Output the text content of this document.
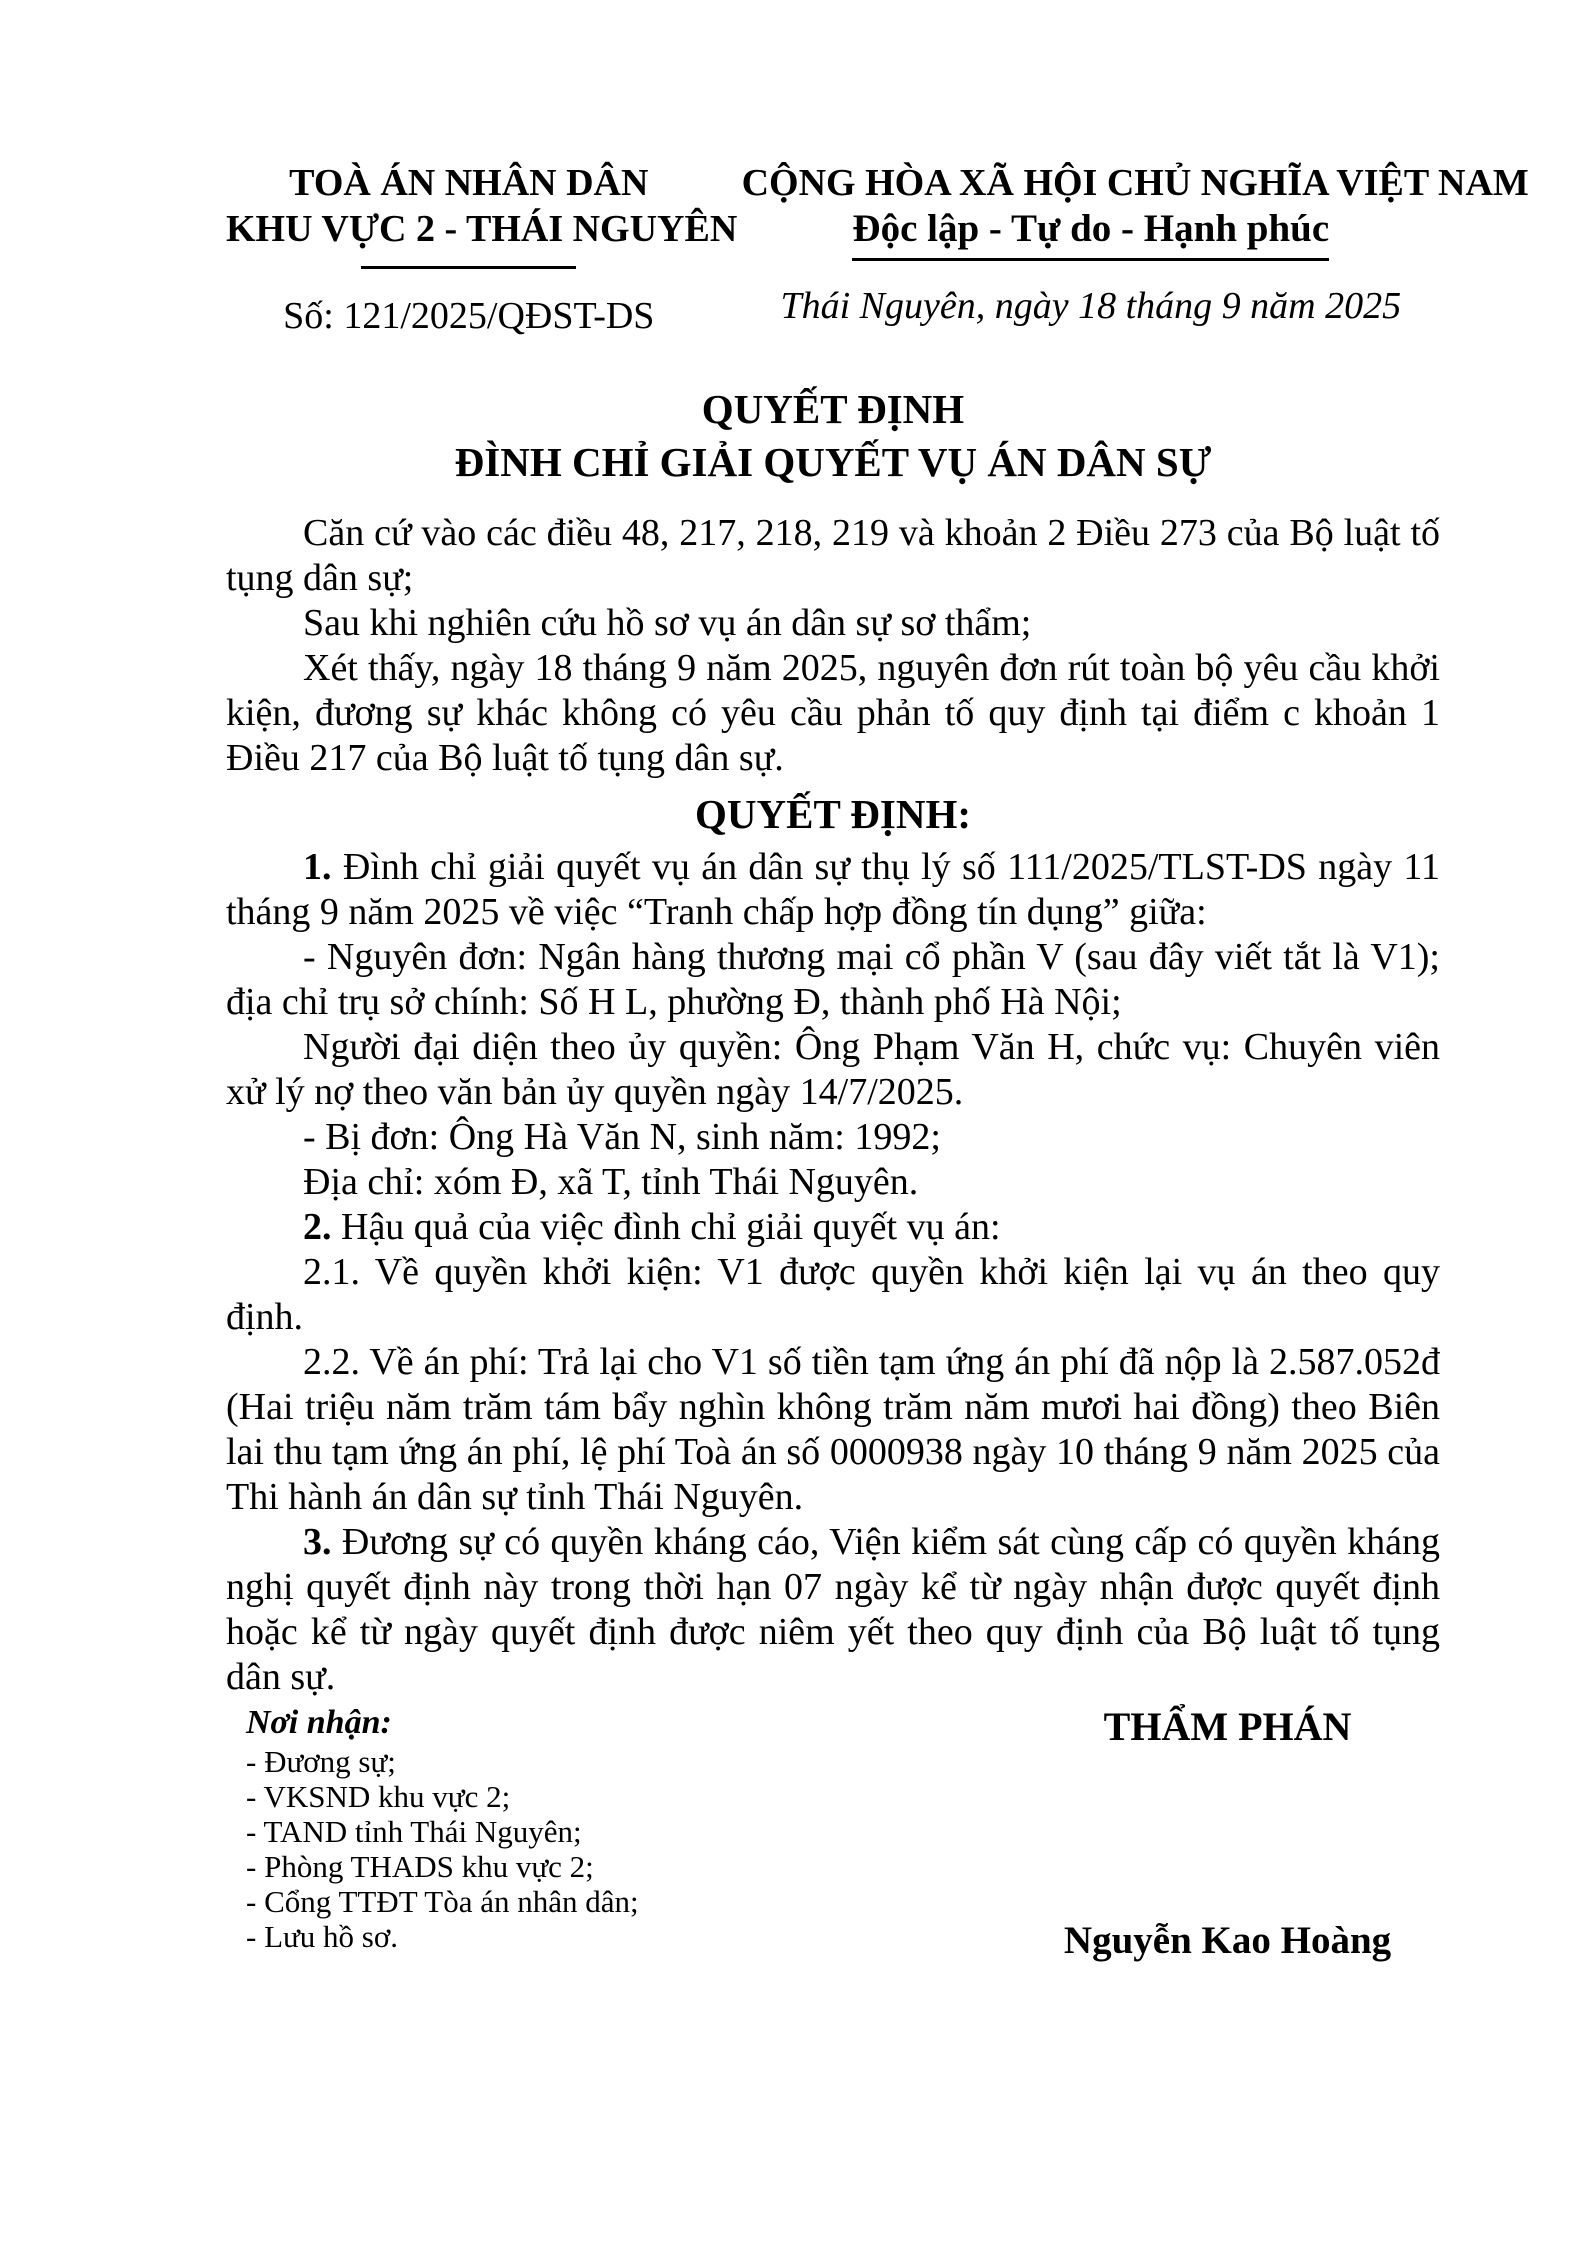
TOÀ ÁN NHÂN DÂN
KHU VỰC 2 - THÁI NGUYÊN
Số: 121/2025/QĐST-DS
CỘNG HÒA XÃ HỘI CHỦ NGHĨA VIỆT NAM
Độc lập - Tự do - Hạnh phúc
Thái Nguyên, ngày 18 tháng 9 năm 2025
QUYẾT ĐỊNH
ĐÌNH CHỈ GIẢI QUYẾT VỤ ÁN DÂN SỰ

Căn cứ vào các điều 48, 217, 218, 219 và khoản 2 Điều 273 của Bộ luật tố tụng dân sự;

Sau khi nghiên cứu hồ sơ vụ án dân sự sơ thẩm;

Xét thấy, ngày 18 tháng 9 năm 2025, nguyên đơn rút toàn bộ yêu cầu khởi kiện, đương sự khác không có yêu cầu phản tố quy định tại điểm c khoản 1 Điều 217 của Bộ luật tố tụng dân sự.

QUYẾT ĐỊNH:

1. Đình chỉ giải quyết vụ án dân sự thụ lý số 111/2025/TLST-DS ngày 11 tháng 9 năm 2025 về việc “Tranh chấp hợp đồng tín dụng” giữa:

- Nguyên đơn: Ngân hàng thương mại cổ phần V (sau đây viết tắt là V1); địa chỉ trụ sở chính: Số H L, phường Đ, thành phố Hà Nội;

Người đại diện theo ủy quyền: Ông Phạm Văn H, chức vụ: Chuyên viên xử lý nợ theo văn bản ủy quyền ngày 14/7/2025.

- Bị đơn: Ông Hà Văn N, sinh năm: 1992;

Địa chỉ: xóm Đ, xã T, tỉnh Thái Nguyên.

2. Hậu quả của việc đình chỉ giải quyết vụ án:

2.1. Về quyền khởi kiện: V1 được quyền khởi kiện lại vụ án theo quy định.

2.2. Về án phí: Trả lại cho V1 số tiền tạm ứng án phí đã nộp là 2.587.052đ (Hai triệu năm trăm tám bẩy nghìn không trăm năm mươi hai đồng) theo Biên lai thu tạm ứng án phí, lệ phí Toà án số 0000938 ngày 10 tháng 9 năm 2025 của Thi hành án dân sự tỉnh Thái Nguyên.

3. Đương sự có quyền kháng cáo, Viện kiểm sát cùng cấp có quyền kháng nghị quyết định này trong thời hạn 07 ngày kể từ ngày nhận được quyết định hoặc kể từ ngày quyết định được niêm yết theo quy định của Bộ luật tố tụng dân sự.

Nơi nhận:
- Đương sự;
- VKSND khu vực 2;
- TAND tỉnh Thái Nguyên;
- Phòng THADS khu vực 2;
- Cổng TTĐT Tòa án nhân dân;
- Lưu hồ sơ.
THẨM PHÁN
Nguyễn Kao Hoàng
